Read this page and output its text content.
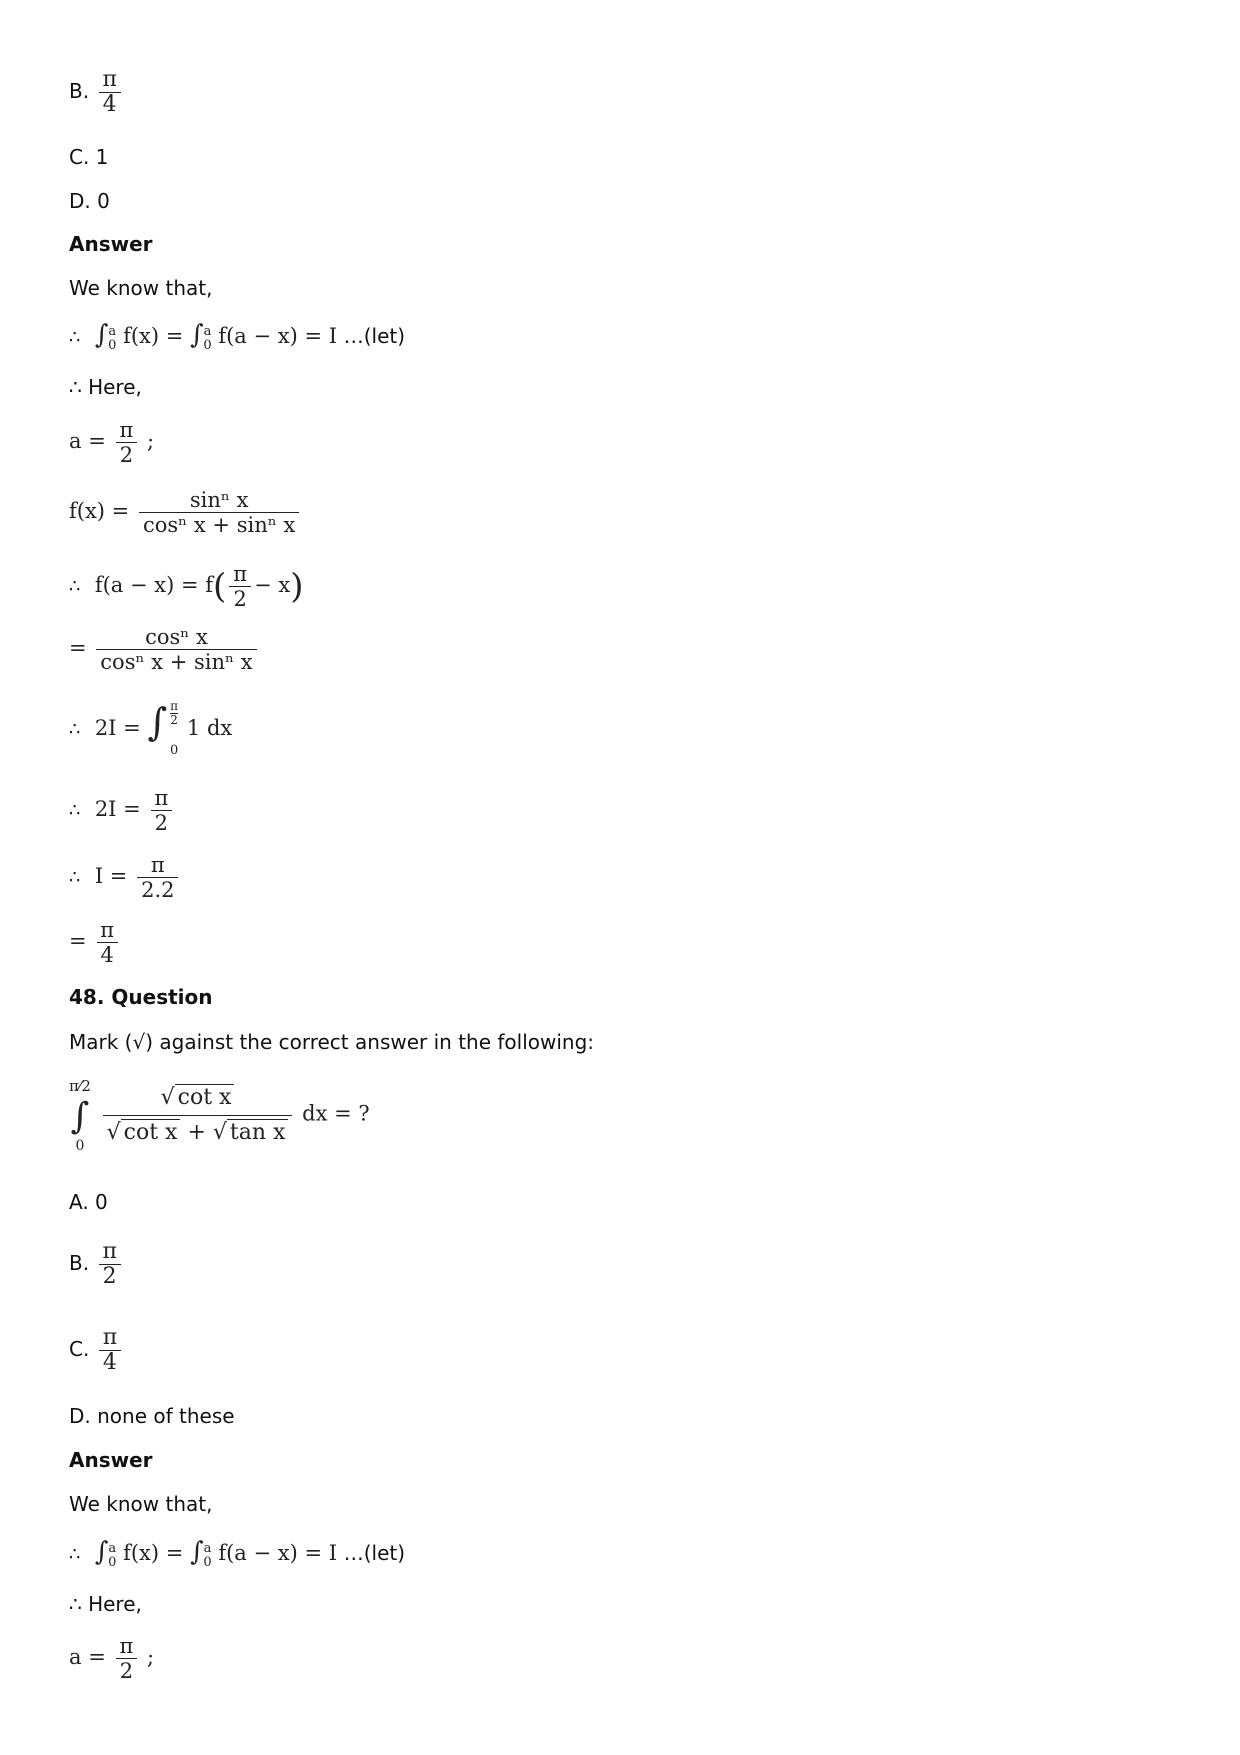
B. $\frac{\pi}{4}$
C. 1
D. 0
Answer
We know that,
∴ ∫$^a_0$ f(x) = ∫$^a_0$ f(a − x) = I …(let)
∴ Here,
$a = \frac{\pi}{2}$ ;
$f(x) = \frac{\text{sinⁿ x}}{\text{cosⁿ x + sinⁿ x}}$
∴ $f(a - x) = f( \frac{\pi}{2} - x)$
= $\frac{\text{cosⁿ x}}{\text{cosⁿ x + sinⁿ x}}$
∴ 2I = ∫ $\frac{\pi}{2}$
0
1 dx
∴ $2I = \frac{\pi}{2}$
∴ $I = \frac{\pi}{2.2}$
= $\frac{\pi}{4}$
48. Question
Mark (√) against the correct answer in the following:
π⁄2
∫
0
$\frac{\text{√ cot x}}{\text{√ cot x + √ tan x}}$ dx = ?
A. 0
B. $\frac{\pi}{2}$
C. $\frac{\pi}{4}$
D. none of these
Answer
We know that,
∴ ∫$^a_0$ f(x) = ∫$^a_0$ f(a − x) = I …(let)
∴ Here,
$a = \frac{\pi}{2}$ ;
